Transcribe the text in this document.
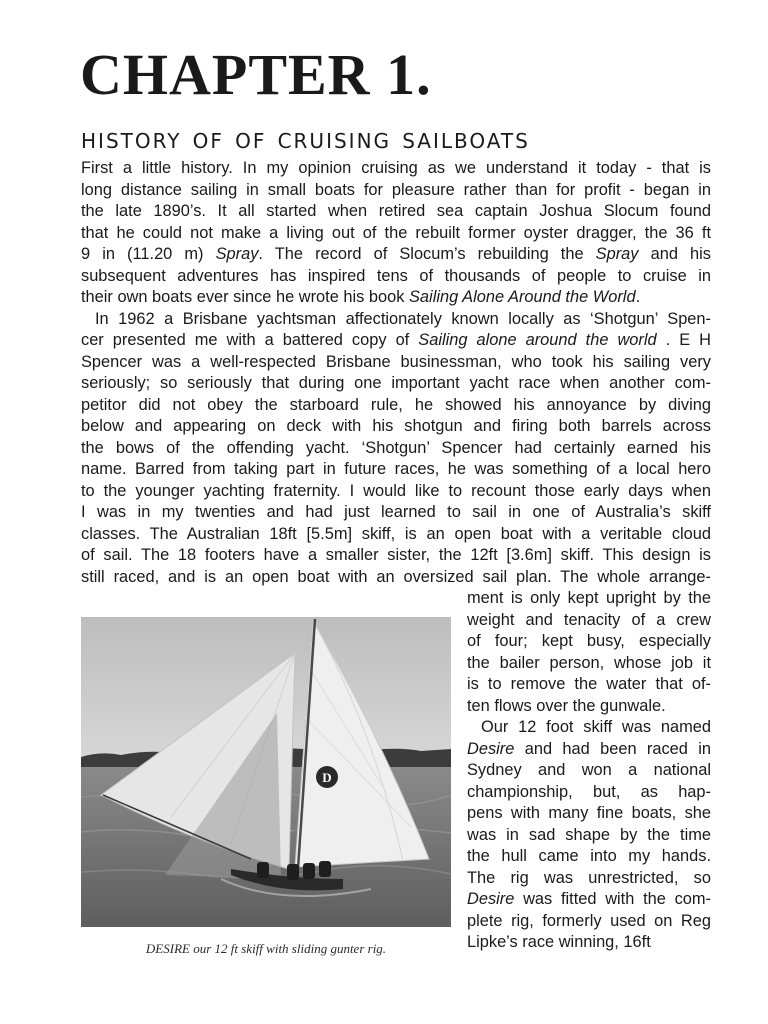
CHAPTER 1.
history of of cruising sailboats
First a little history. In my opinion cruising as we understand it today - that is
long distance sailing in small boats for pleasure rather than for profit - began in
the late 1890’s. It all started when retired sea captain Joshua Slocum found
that he could not make a living out of the rebuilt former oyster dragger, the 36 ft
9 in (11.20 m) Spray. The record of Slocum’s rebuilding the Spray and his
subsequent adventures has inspired tens of thousands of people to cruise in
their own boats ever since he wrote his book Sailing Alone Around the World.
In 1962 a Brisbane yachtsman affectionately known locally as ‘Shotgun’ Spen-
cer presented me with a battered copy of Sailing alone around the world . E H
Spencer was a well-respected Brisbane businessman, who took his sailing very
seriously; so seriously that during one important yacht race when another com-
petitor did not obey the starboard rule, he showed his annoyance by diving
below and appearing on deck with his shotgun and firing both barrels across
the bows of the offending yacht. ‘Shotgun’ Spencer had certainly earned his
name. Barred from taking part in future races, he was something of a local hero
to the younger yachting fraternity. I would like to recount those early days when
I was in my twenties and had just learned to sail in one of Australia’s skiff
classes. The Australian 18ft [5.5m] skiff, is an open boat with a veritable cloud
of sail. The 18 footers have a smaller sister, the 12ft [3.6m] skiff. This design is
still raced, and is an open boat with an oversized sail plan. The whole arrange-
ment is only kept upright by the
weight and tenacity of a crew
of four; kept busy, especially
the bailer person, whose job it
is to remove the water that of-
ten flows over the gunwale.
Our 12 foot skiff was named
Desire and had been raced in
Sydney and won a national
championship, but, as hap-
pens with many fine boats, she
was in sad shape by the time
the hull came into my hands.
The rig was unrestricted, so
Desire was fitted with the com-
plete rig, formerly used on Reg
Lipke’s race winning, 16ft
D
DESIRE our 12 ft skiff with sliding gunter rig.
